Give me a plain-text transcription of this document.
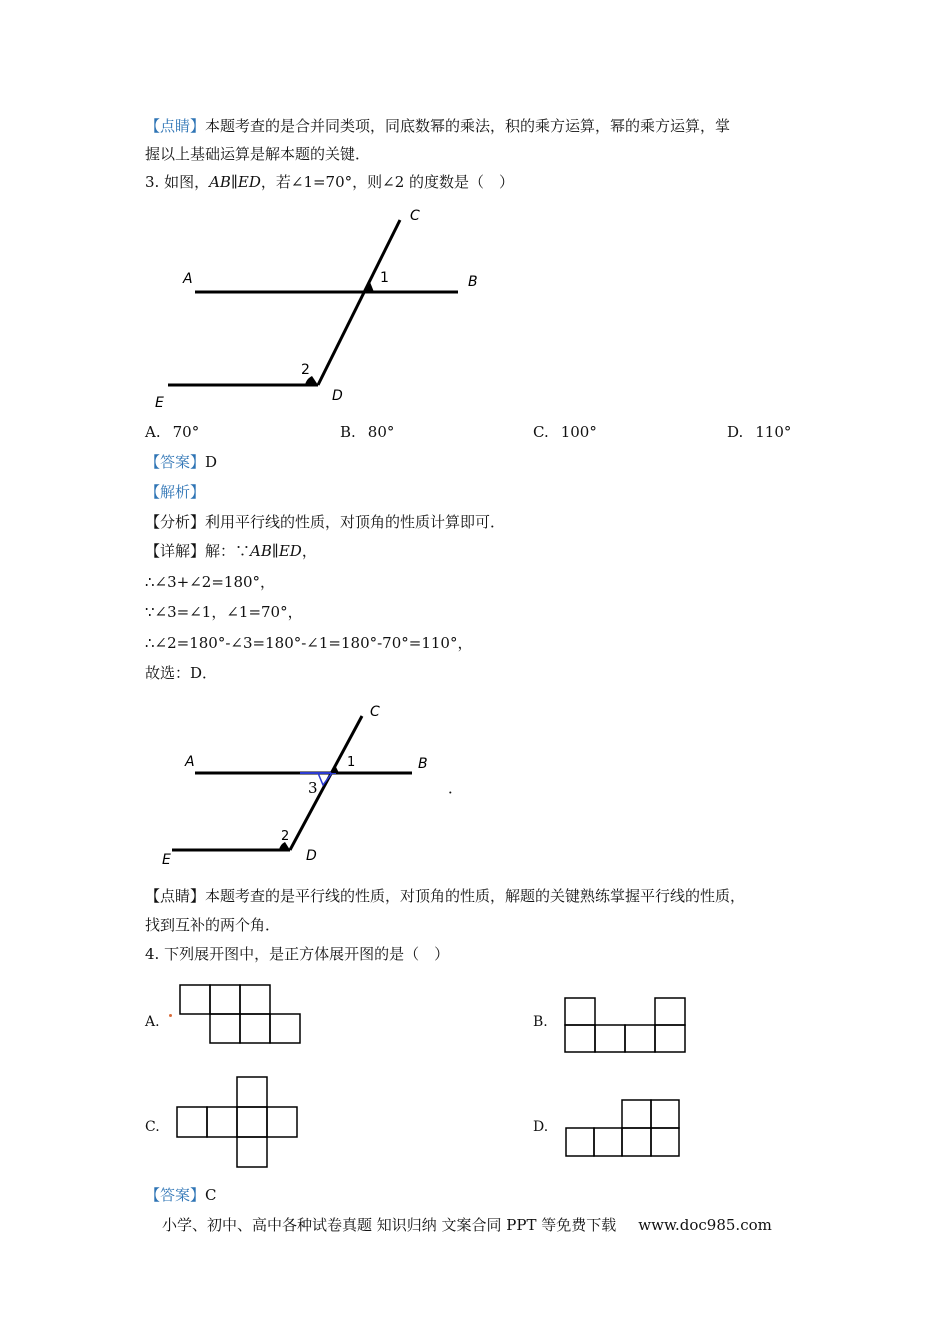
【点睛】本题考查的是合并同类项，同底数幂的乘法，积的乘方运算，幂的乘方运算，掌
握以上基础运算是解本题的关键．
3. 如图，AB∥ED，若∠1=70°，则∠2 的度数是（　）
A	B
C
D
E
1
2
A. 70°	B. 80°	C. 100°	D. 110°
【答案】D
【解析】
【分析】利用平行线的性质，对顶角的性质计算即可．
【详解】解：∵AB∥ED，
∴∠3+∠2=180°，
∵∠3=∠1，∠1=70°，
∴∠2=180°-∠3=180°-∠1=180°-70°=110°，
故选：D．
A	B
C
D
E
1
2
3	．
【点睛】本题考查的是平行线的性质，对顶角的性质，解题的关键熟练掌握平行线的性质，
找到互补的两个角．
4. 下列展开图中，是正方体展开图的是（　）
A.	B.
C.	D.
【答案】C
小学、初中、高中各种试卷真题 知识归纳 文案合同 PPT 等免费下载 www.doc985.com
